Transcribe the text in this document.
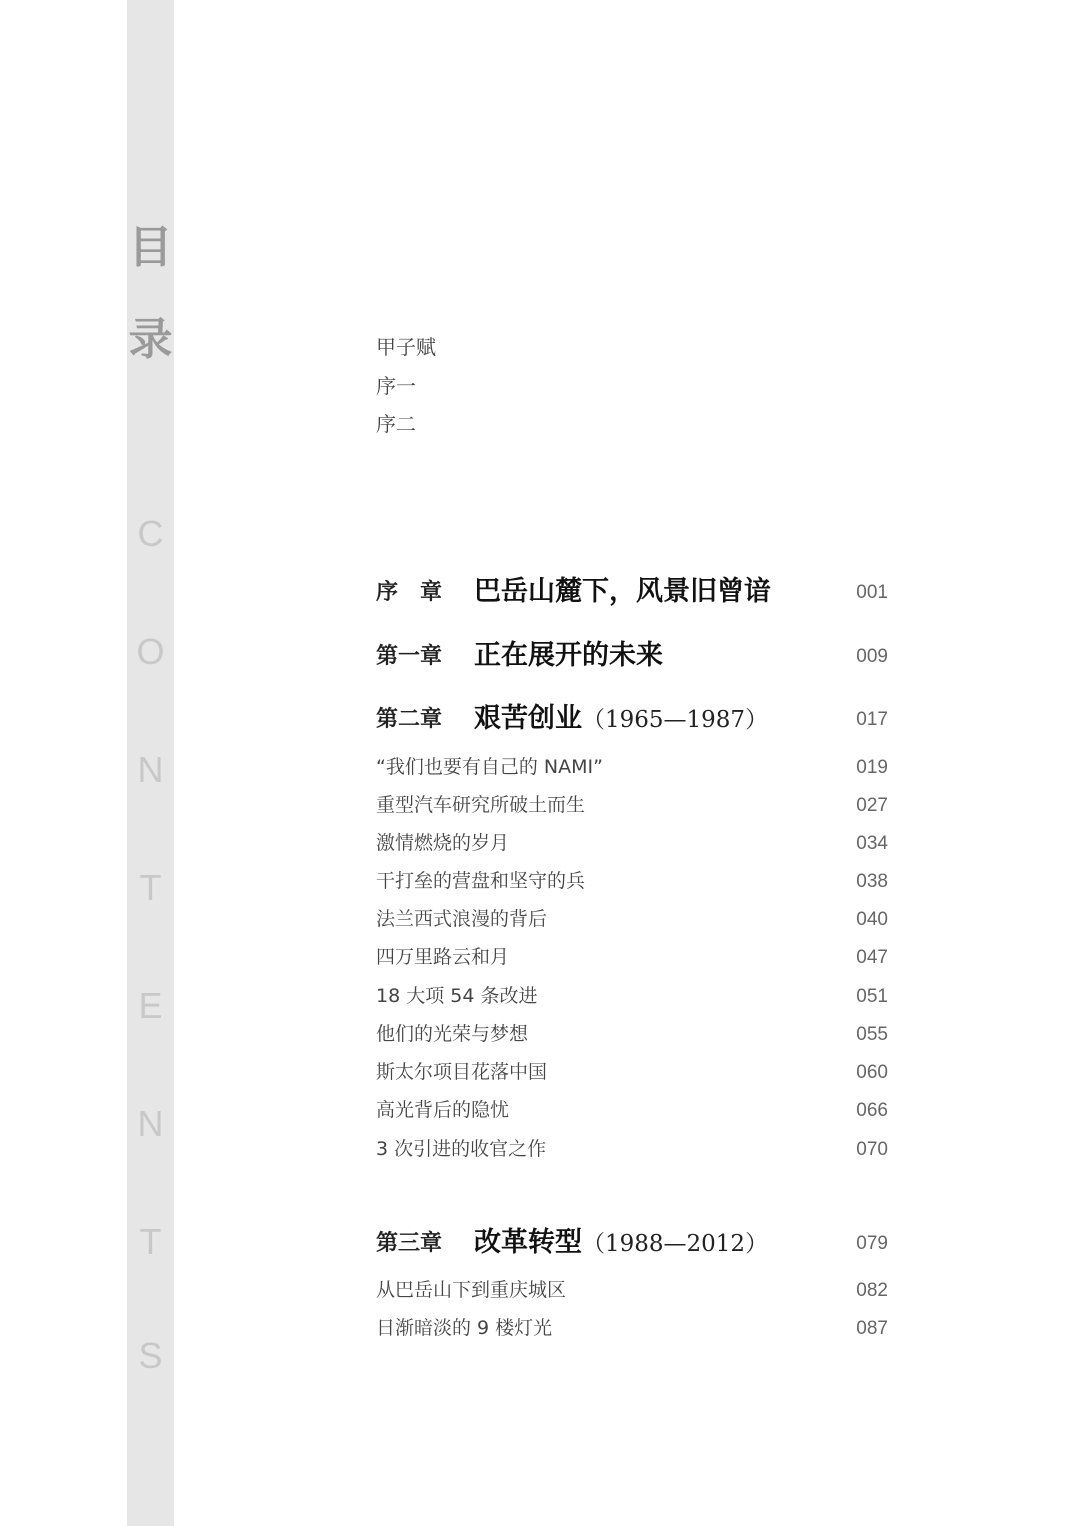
目
录
C
O
N
T
E
N
T
S
甲子赋
序一
序二
序　章 巴岳山麓下，风景旧曾谙	001
第一章 正在展开的未来	009
第二章 艰苦创业（1965—1987）	017
“我们也要有自己的 NAMI”	019
重型汽车研究所破土而生	027
激情燃烧的岁月	034
干打垒的营盘和坚守的兵	038
法兰西式浪漫的背后	040
四万里路云和月	047
18 大项 54 条改进	051
他们的光荣与梦想	055
斯太尔项目花落中国	060
高光背后的隐忧	066
3 次引进的收官之作	070
第三章 改革转型（1988—2012）	079
从巴岳山下到重庆城区	082
日渐暗淡的 9 楼灯光	087
